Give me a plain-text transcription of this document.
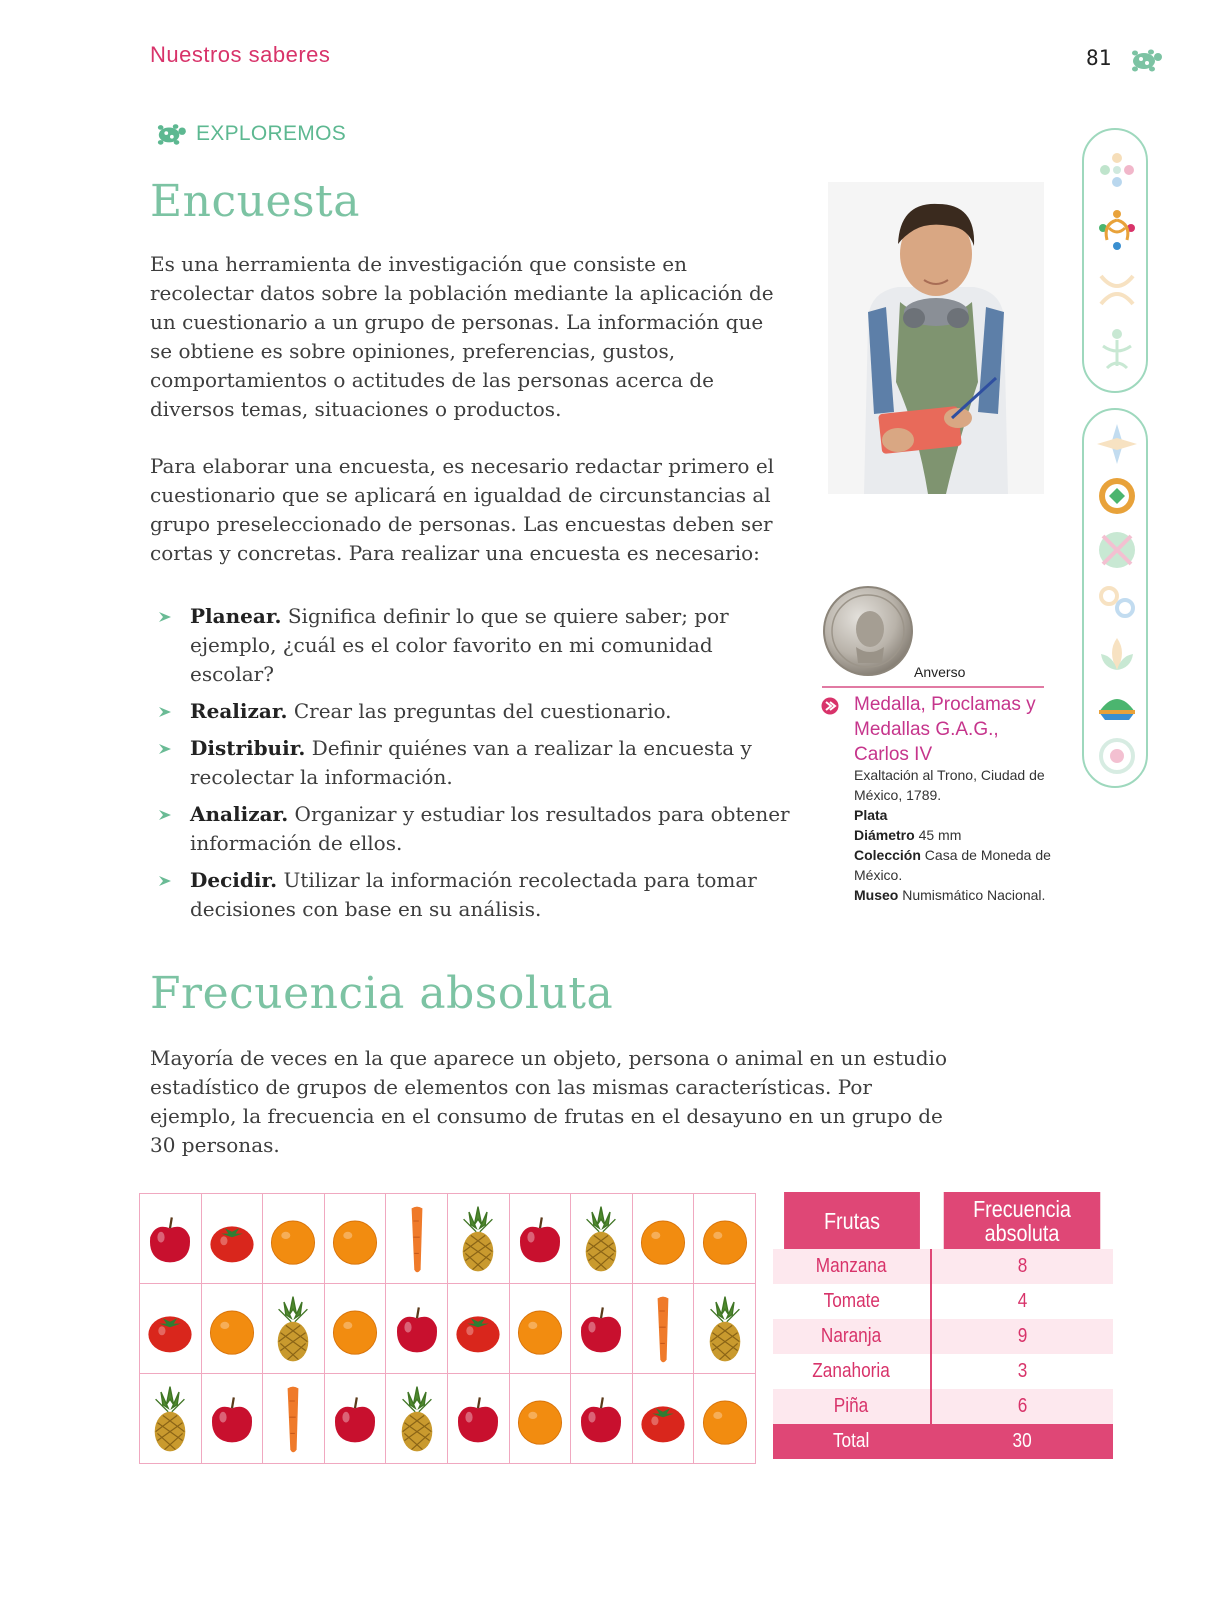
Nuestros saberes	81
EXPLOREMOS
Encuesta

Es una herramienta de investigación que consiste en recolectar datos sobre la población mediante la aplicación de un cuestionario a un grupo de personas. La información que se obtiene es sobre opiniones, preferencias, gustos, comportamientos o actitudes de las personas acerca de diversos temas, situaciones o productos.

Para elaborar una encuesta, es necesario redactar primero el cuestionario que se aplicará en igualdad de circunstancias al grupo preseleccionado de personas. Las encuestas deben ser cortas y concretas. Para realizar una encuesta es necesario:

Planear. Significa definir lo que se quiere saber; por ejemplo, ¿cuál es el color favorito en mi comunidad escolar?
Realizar. Crear las preguntas del cuestionario.
Distribuir. Definir quiénes van a realizar la encuesta y recolectar la información.
Analizar. Organizar y estudiar los resultados para obtener información de ellos.
Decidir. Utilizar la información recolectada para tomar decisiones con base en su análisis.
Anverso
Medalla, Proclamas y Medallas G.A.G., Carlos IV
Exaltación al Trono, Ciudad de México, 1789.
Plata
Diámetro 45 mm
Colección Casa de Moneda de México.
Museo Numismático Nacional.
Frecuencia absoluta

Mayoría de veces en la que aparece un objeto, persona o animal en un estudio estadístico de grupos de elementos con las mismas características. Por ejemplo, la frecuencia en el consumo de frutas en el desayuno en un grupo de 30 personas.

Frutas	Frecuencia
absoluta
Manzana	8
Tomate	4
Naranja	9
Zanahoria	3
Piña	6
Total	30
